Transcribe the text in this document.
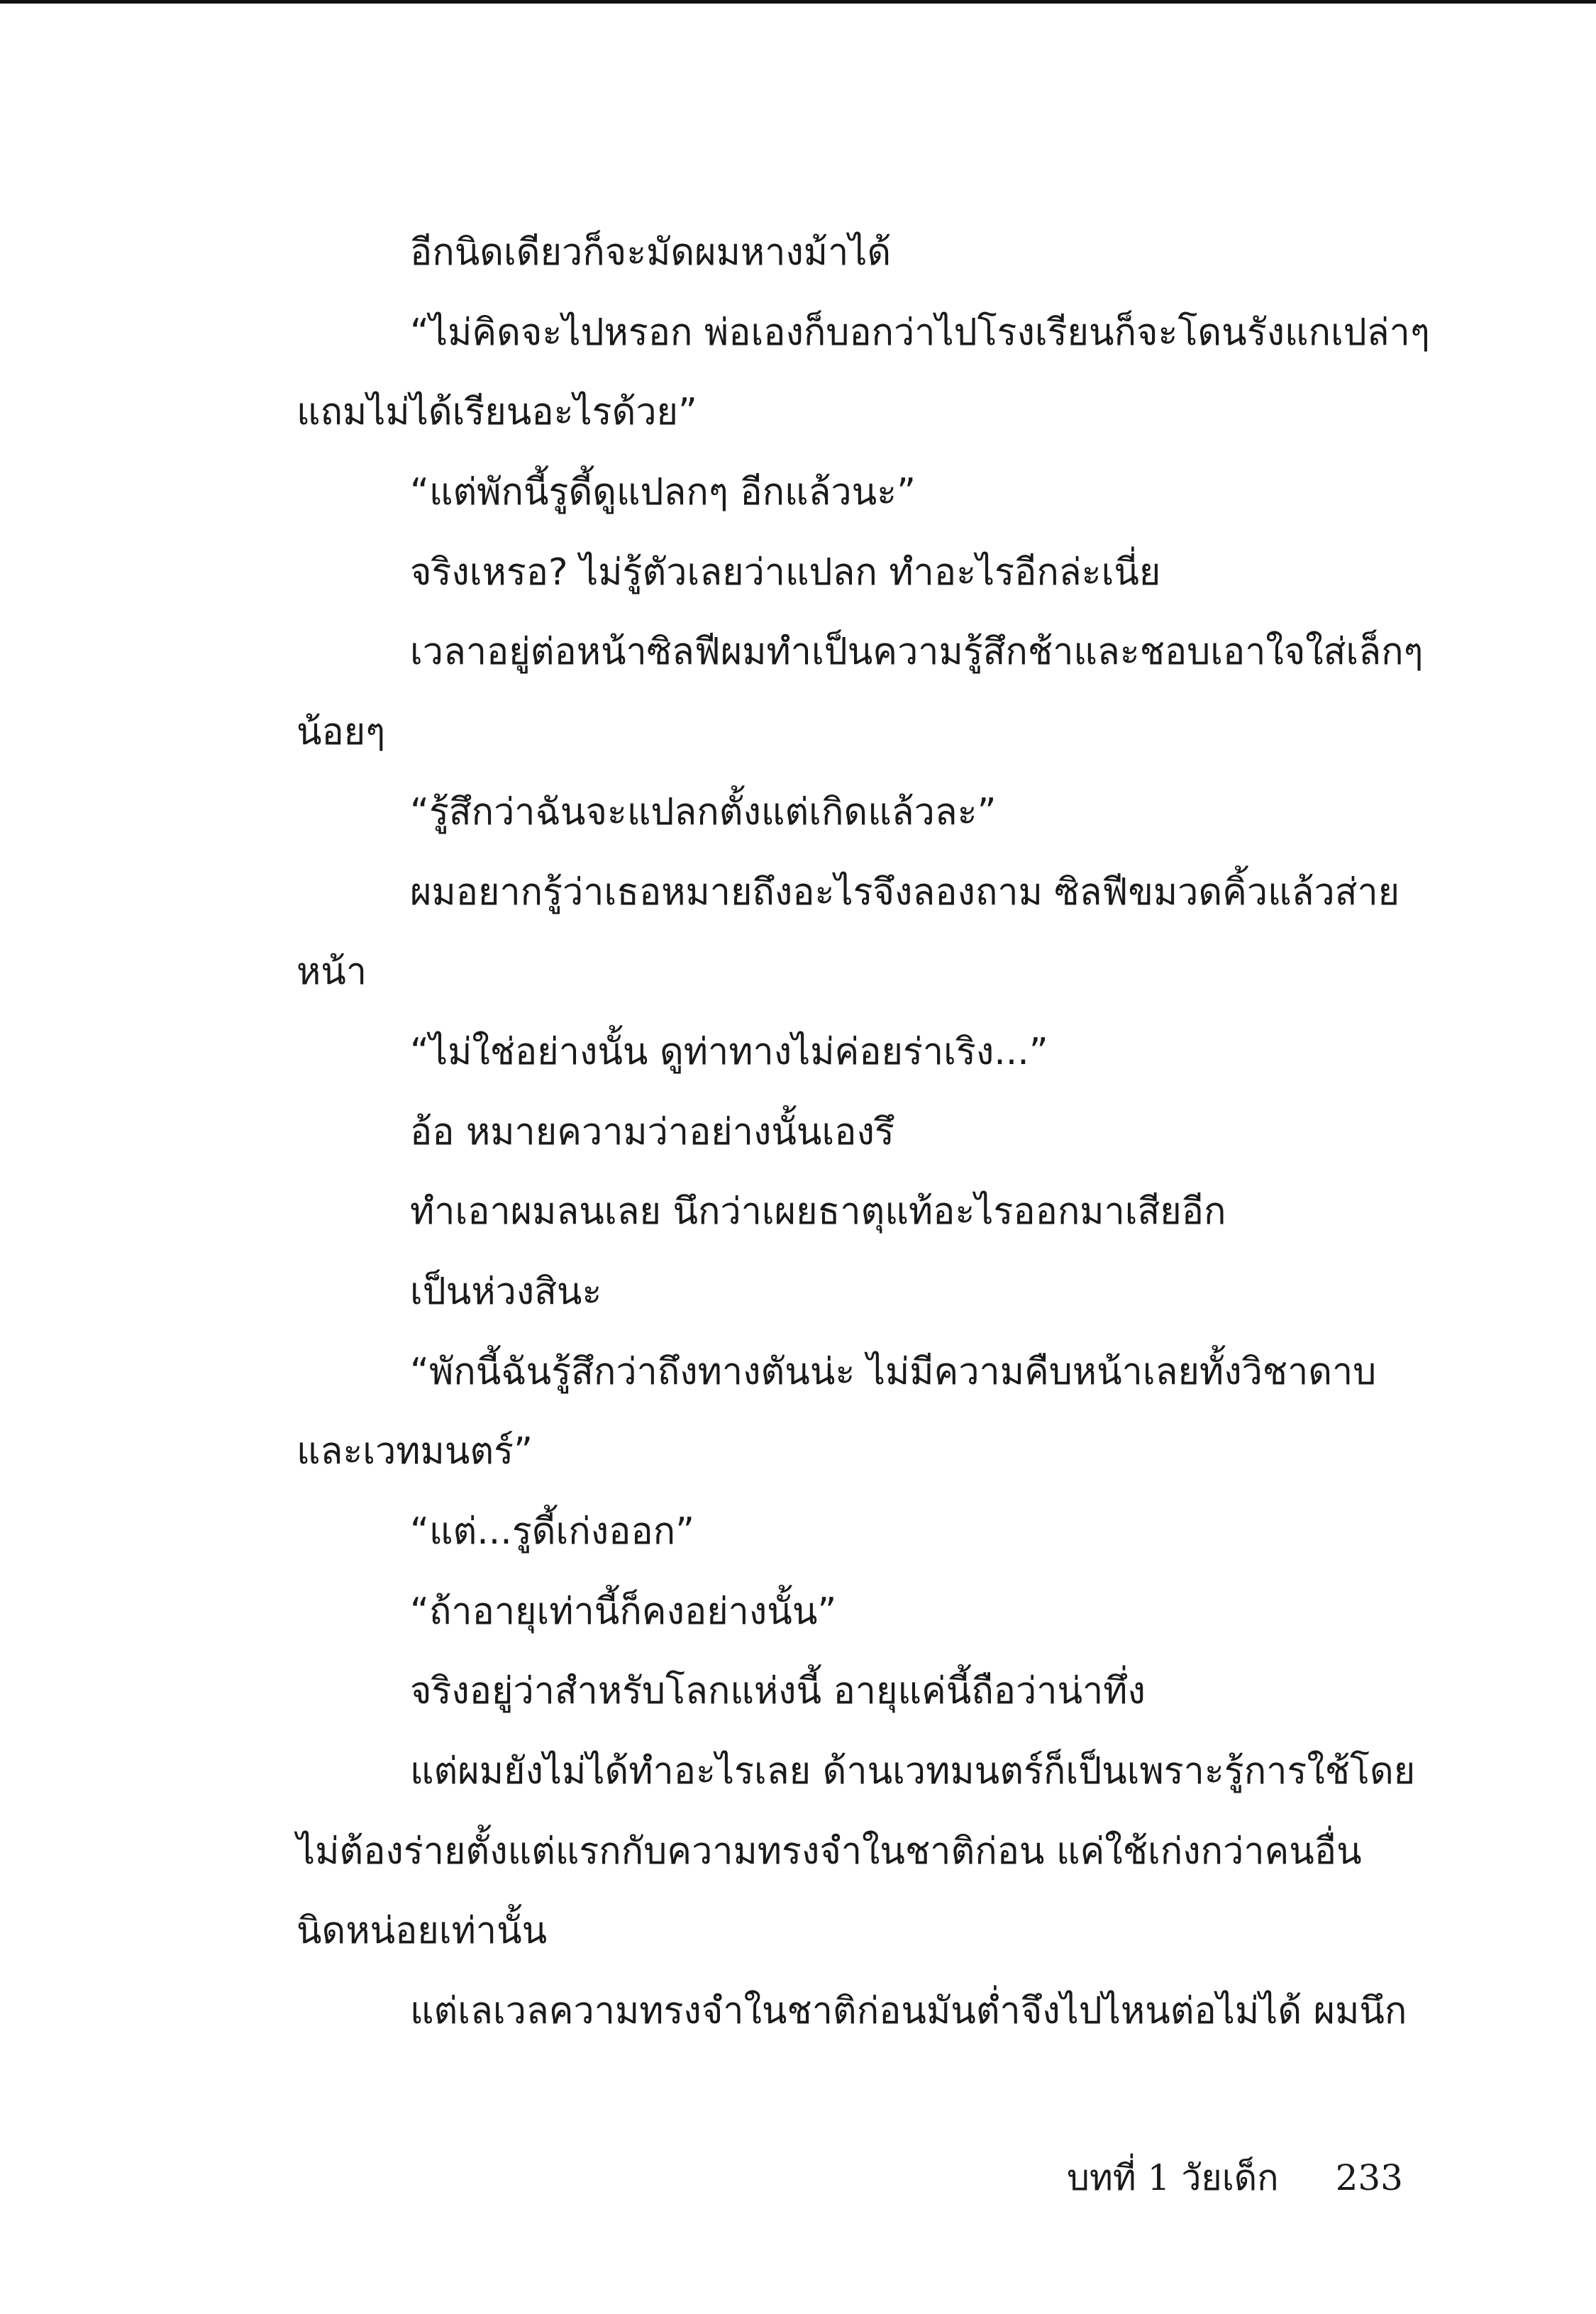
อีกนิดเดียวก็จะมัดผมหางม้าได้
“ไม่คิดจะไปหรอก พ่อเองก็บอกว่าไปโรงเรียนก็จะโดนรังแกเปล่าๆ
แถมไม่ได้เรียนอะไรด้วย”
“แต่พักนี้รูดี้ดูแปลกๆ อีกแล้วนะ”
จริงเหรอ? ไม่รู้ตัวเลยว่าแปลก ทำอะไรอีกล่ะเนี่ย
เวลาอยู่ต่อหน้าซิลฟีผมทำเป็นความรู้สึกช้าและชอบเอาใจใส่เล็กๆ
น้อยๆ
“รู้สึกว่าฉันจะแปลกตั้งแต่เกิดแล้วละ”
ผมอยากรู้ว่าเธอหมายถึงอะไรจึงลองถาม ซิลฟีขมวดคิ้วแล้วส่าย
หน้า
“ไม่ใช่อย่างนั้น ดูท่าทางไม่ค่อยร่าเริง...”
อ้อ หมายความว่าอย่างนั้นเองรึ
ทำเอาผมลนเลย นึกว่าเผยธาตุแท้อะไรออกมาเสียอีก
เป็นห่วงสินะ
“พักนี้ฉันรู้สึกว่าถึงทางตันน่ะ ไม่มีความคืบหน้าเลยทั้งวิชาดาบ
และเวทมนตร์”
“แต่...รูดี้เก่งออก”
“ถ้าอายุเท่านี้ก็คงอย่างนั้น”
จริงอยู่ว่าสำหรับโลกแห่งนี้ อายุแค่นี้ถือว่าน่าทึ่ง
แต่ผมยังไม่ได้ทำอะไรเลย ด้านเวทมนตร์ก็เป็นเพราะรู้การใช้โดย
ไม่ต้องร่ายตั้งแต่แรกกับความทรงจำในชาติก่อน แค่ใช้เก่งกว่าคนอื่น
นิดหน่อยเท่านั้น
แต่เลเวลความทรงจำในชาติก่อนมันต่ำจึงไปไหนต่อไม่ได้ ผมนึก
บทที่ 1 วัยเด็ก 233
